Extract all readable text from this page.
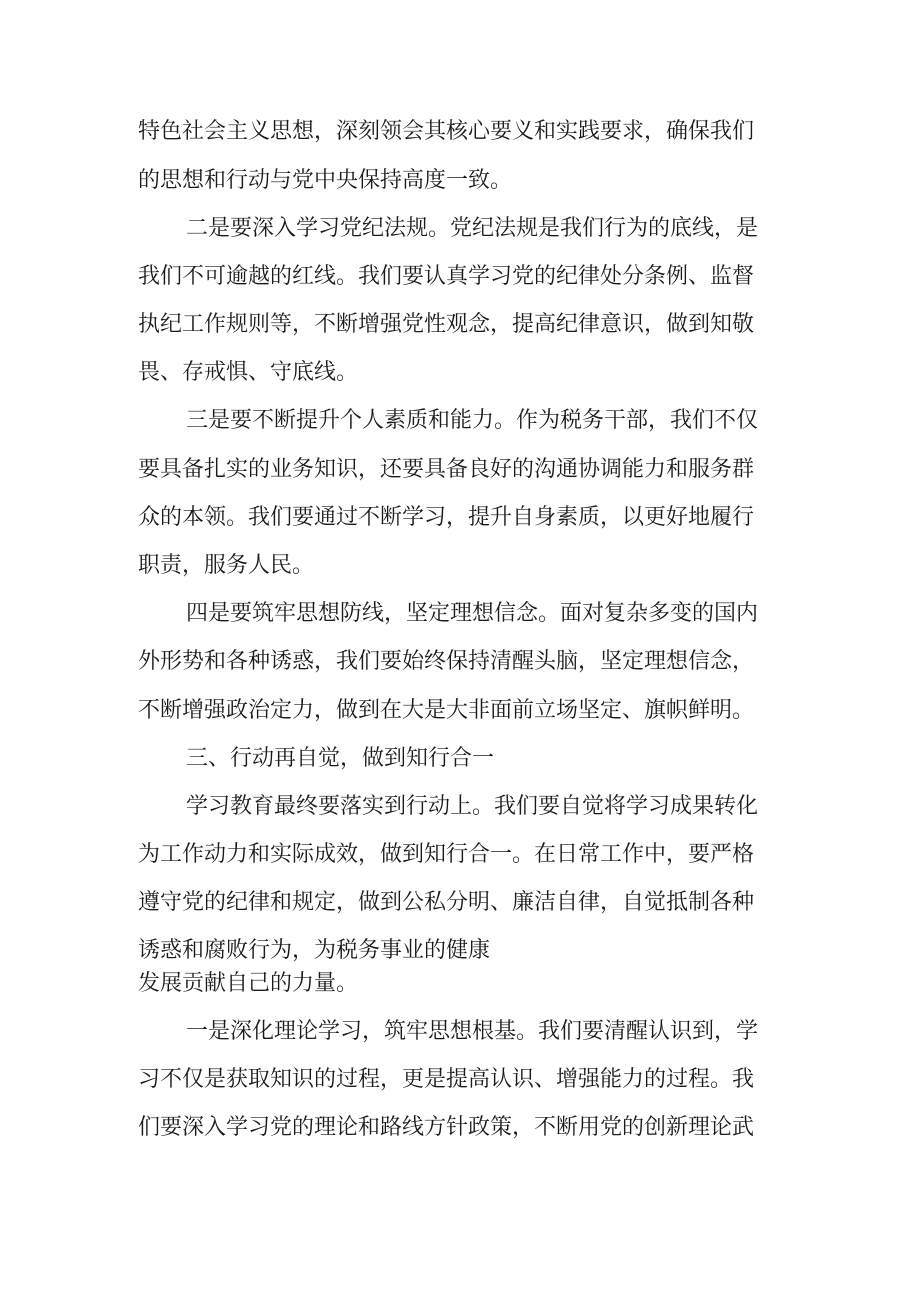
特色社会主义思想，深刻领会其核心要义和实践要求，确保我们
的思想和行动与党中央保持高度一致。
二是要深入学习党纪法规。党纪法规是我们行为的底线，是
我们不可逾越的红线。我们要认真学习党的纪律处分条例、监督
执纪工作规则等，不断增强党性观念，提高纪律意识，做到知敬
畏、存戒惧、守底线。
三是要不断提升个人素质和能力。作为税务干部，我们不仅
要具备扎实的业务知识，还要具备良好的沟通协调能力和服务群
众的本领。我们要通过不断学习，提升自身素质，以更好地履行
职责，服务人民。
四是要筑牢思想防线，坚定理想信念。面对复杂多变的国内
外形势和各种诱惑，我们要始终保持清醒头脑，坚定理想信念，
不断增强政治定力，做到在大是大非面前立场坚定、旗帜鲜明。
三、行动再自觉，做到知行合一
学习教育最终要落实到行动上。我们要自觉将学习成果转化
为工作动力和实际成效，做到知行合一。在日常工作中，要严格
遵守党的纪律和规定，做到公私分明、廉洁自律，自觉抵制各种
诱惑和腐败行为，为税务事业的健康
发展贡献自己的力量。
一是深化理论学习，筑牢思想根基。我们要清醒认识到，学
习不仅是获取知识的过程，更是提高认识、增强能力的过程。我
们要深入学习党的理论和路线方针政策，不断用党的创新理论武
